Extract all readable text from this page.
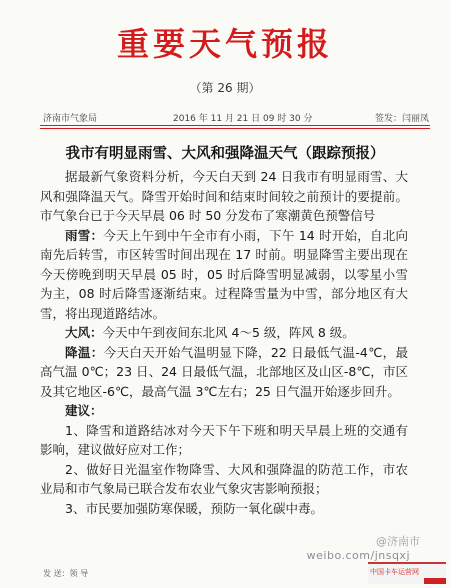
重要天气预报
（第 26 期）
济南市气象局	2016 年 11 月 21 日 09 时 30 分	签发：闫丽凤
我市有明显雨雪、大风和强降温天气（跟踪预报）

据最新气象资料分析，今天白天到 24 日我市有明显雨雪、大风和强降温天气。降雪开始时间和结束时间较之前预计的要提前。市气象台已于今天早晨 06 时 50 分发布了寒潮黄色预警信号

雨雪：今天上午到中午全市有小雨，下午 14 时开始，自北向南先后转雪，市区转雪时间出现在 17 时前。明显降雪主要出现在今天傍晚到明天早晨 05 时，05 时后降雪明显减弱，以零星小雪为主，08 时后降雪逐渐结束。过程降雪量为中雪，部分地区有大雪，将出现道路结冰。

大风：今天中午到夜间东北风 4～5 级，阵风 8 级。

降温：今天白天开始气温明显下降，22 日最低气温-4℃，最高气温 0℃；23 日、24 日最低气温，北部地区及山区-8℃，市区及其它地区-6℃，最高气温 3℃左右；25 日气温开始逐步回升。

建议：

1、降雪和道路结冰对今天下午下班和明天早晨上班的交通有影响，建议做好应对工作；

2、做好日光温室作物降雪、大风和强降温的防范工作，市农业局和市气象局已联合发布农业气象灾害影响预报；

3、市民要加强防寒保暖，预防一氧化碳中毒。

发 送：领 导
@济南市
weibo.com/jnsqxj
中国卡车运营网
